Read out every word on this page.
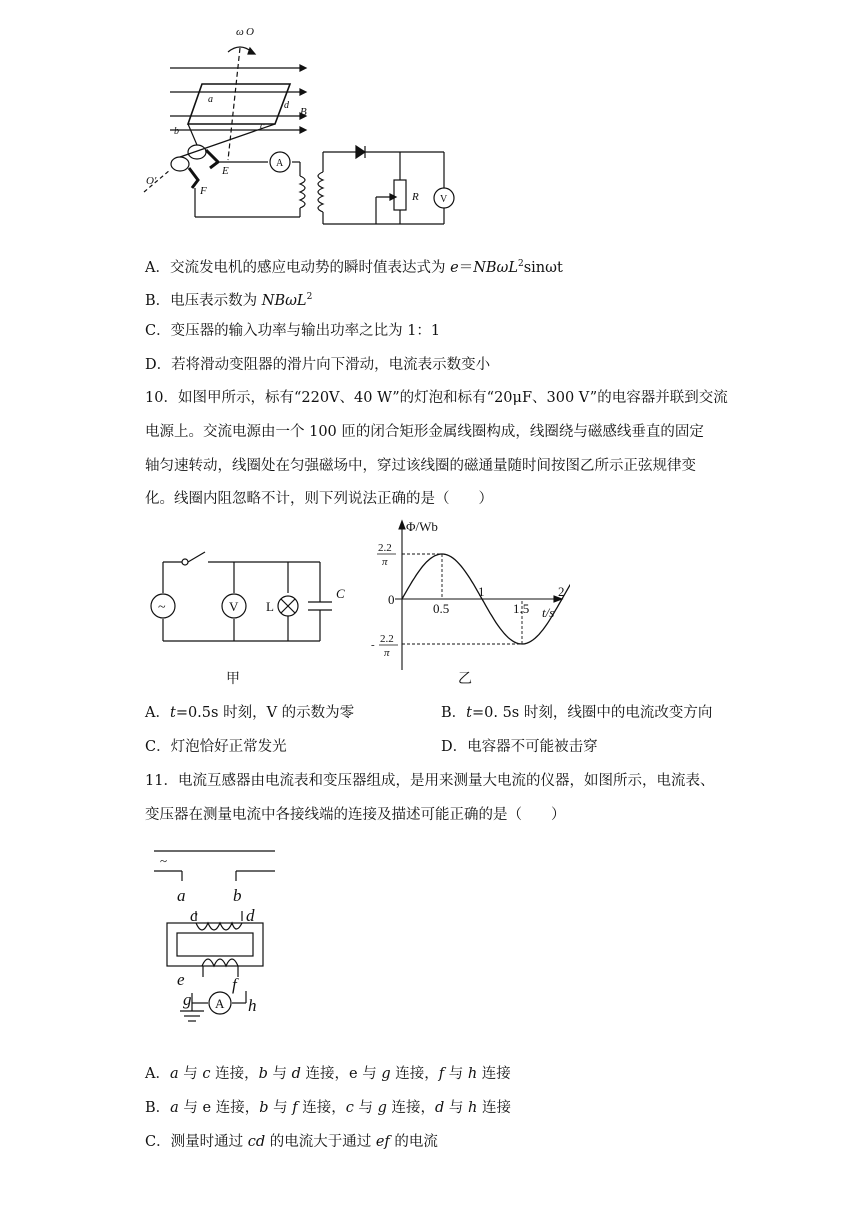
ω O
a
d
B
b	c
O′
E
F
A
R V
A．交流发电机的感应电动势的瞬时值表达式为 e＝NBωL$^2$sinωt
B．电压表示数为 NBωL$^2$
C．变压器的输入功率与输出功率之比为 1：1
D．若将滑动变阻器的滑片向下滑动，电流表示数变小
10．如图甲所示，标有“220V、40 W”的灯泡和标有“20μF、300 V”的电容器并联到交流
电源上。交流电源由一个 100 匝的闭合矩形金属线圈构成，线圈绕与磁感线垂直的固定
轴匀速转动，线圈处在匀强磁场中，穿过该线圈的磁通量随时间按图乙所示正弦规律变
化。线圈内阻忽略不计，则下列说法正确的是（　　）
~	V L
C
甲
0.5
1
1.5
2
Φ/Wb
t/s
0
2.2
π
2.2
-
π
乙
A．t=0.5s 时刻，V 的示数为零	B．t=0. 5s 时刻，线圈中的电流改变方向
C．灯泡恰好正常发光	D．电容器不可能被击穿
11．电流互感器由电流表和变压器组成，是用来测量大电流的仪器，如图所示，电流表、
变压器在测量电流中各接线端的连接及描述可能正确的是（　　）
~
a	b
c	d
e	f
g	h
A
A．a 与 c 连接，b 与 d 连接，e 与 g 连接，f 与 h 连接
B．a 与 e 连接，b 与 f 连接，c 与 g 连接，d 与 h 连接
C．测量时通过 cd 的电流大于通过 ef 的电流
